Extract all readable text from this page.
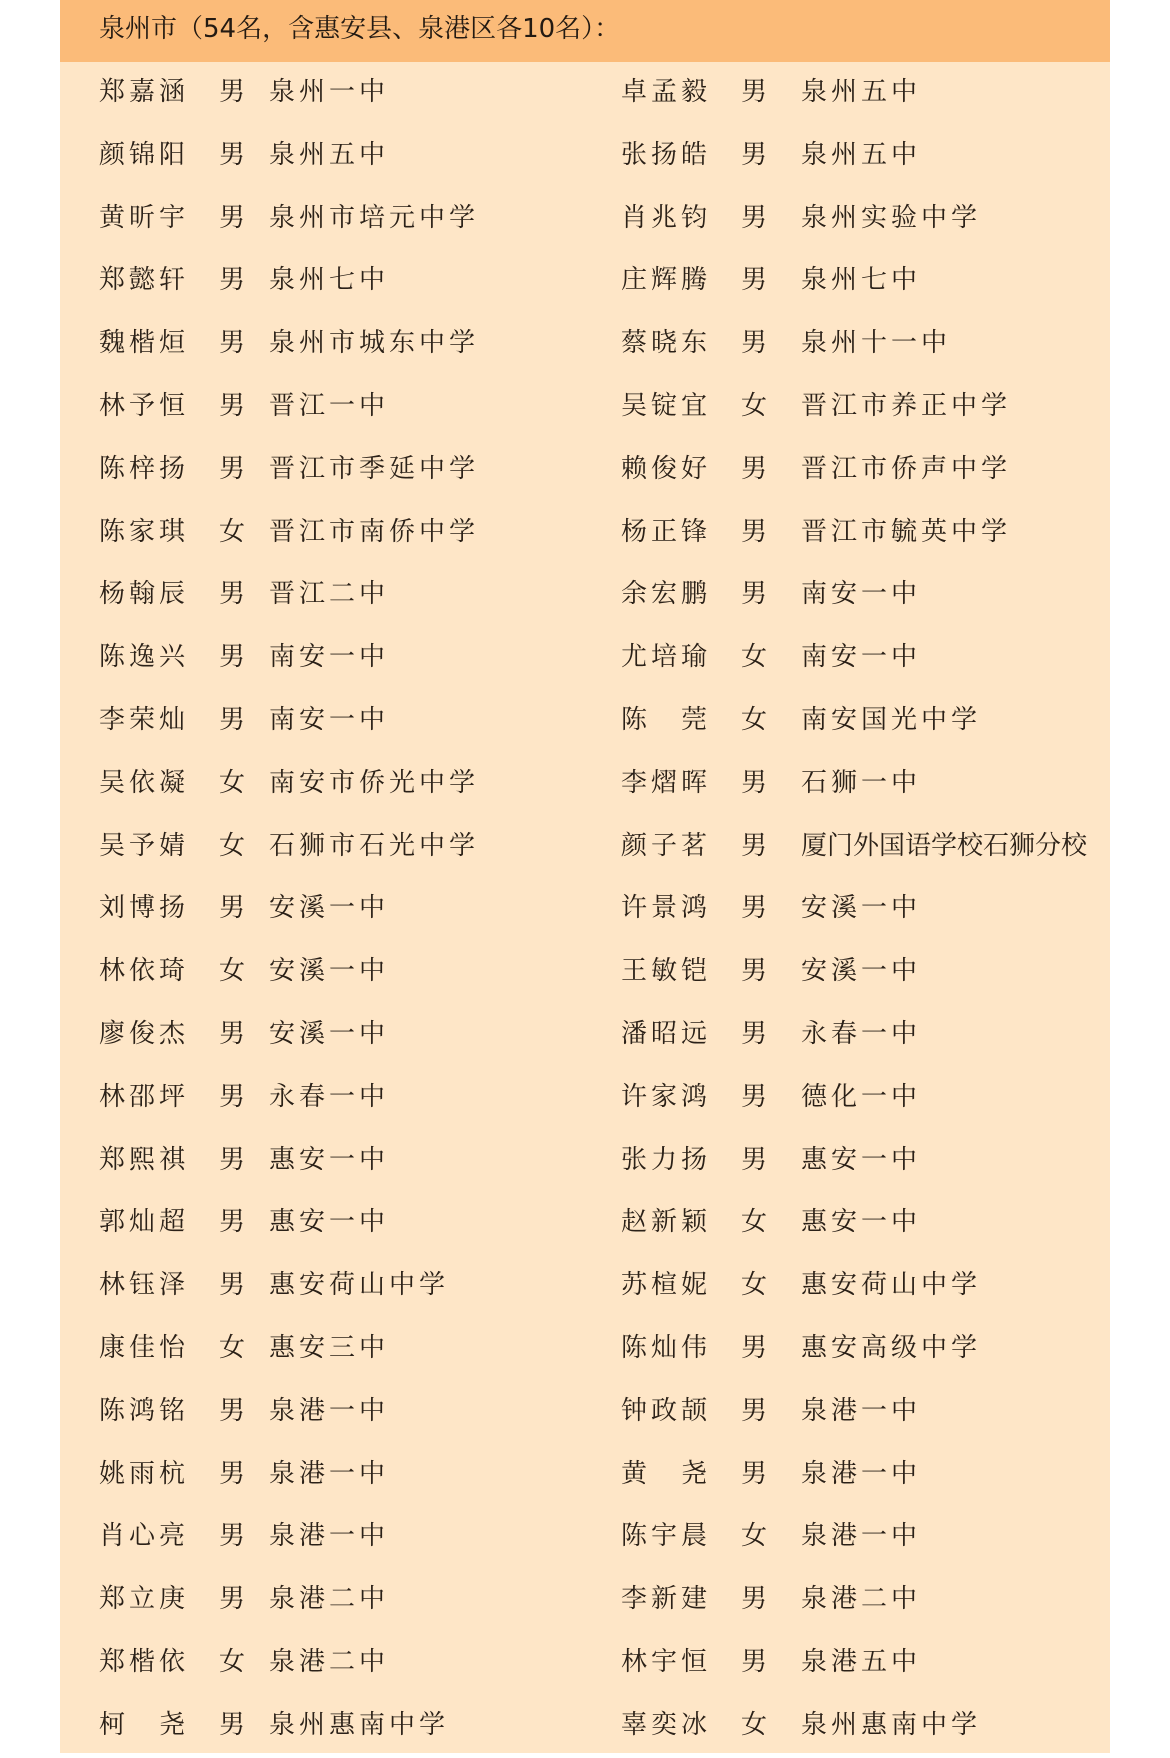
泉州市（54名，含惠安县、泉港区各10名）：
郑嘉涵 男 泉州一中	卓孟毅 男 泉州五中
颜锦阳 男 泉州五中	张扬皓 男 泉州五中
黄昕宇 男 泉州市培元中学	肖兆钧 男 泉州实验中学
郑懿轩 男 泉州七中	庄辉腾 男 泉州七中
魏楷烜 男 泉州市城东中学	蔡晓东 男 泉州十一中
林予恒 男 晋江一中	吴锭宜 女 晋江市养正中学
陈梓扬 男 晋江市季延中学	赖俊好 男 晋江市侨声中学
陈家琪 女 晋江市南侨中学	杨正锋 男 晋江市毓英中学
杨翰辰 男 晋江二中	余宏鹏 男 南安一中
陈逸兴 男 南安一中	尤培瑜 女 南安一中
李荣灿 男 南安一中	陈　莞 女 南安国光中学
吴依凝 女 南安市侨光中学	李熠晖 男 石狮一中
吴予婧 女 石狮市石光中学	颜子茗 男 厦门外国语学校石狮分校
刘博扬 男 安溪一中	许景鸿 男 安溪一中
林依琦 女 安溪一中	王敏铠 男 安溪一中
廖俊杰 男 安溪一中	潘昭远 男 永春一中
林邵坪 男 永春一中	许家鸿 男 德化一中
郑熙祺 男 惠安一中	张力扬 男 惠安一中
郭灿超 男 惠安一中	赵新颖 女 惠安一中
林钰泽 男 惠安荷山中学	苏楦妮 女 惠安荷山中学
康佳怡 女 惠安三中	陈灿伟 男 惠安高级中学
陈鸿铭 男 泉港一中	钟政颉 男 泉港一中
姚雨杭 男 泉港一中	黄　尧 男 泉港一中
肖心亮 男 泉港一中	陈宇晨 女 泉港一中
郑立庚 男 泉港二中	李新建 男 泉港二中
郑楷依 女 泉港二中	林宇恒 男 泉港五中
柯　尧 男 泉州惠南中学	辜奕冰 女 泉州惠南中学
